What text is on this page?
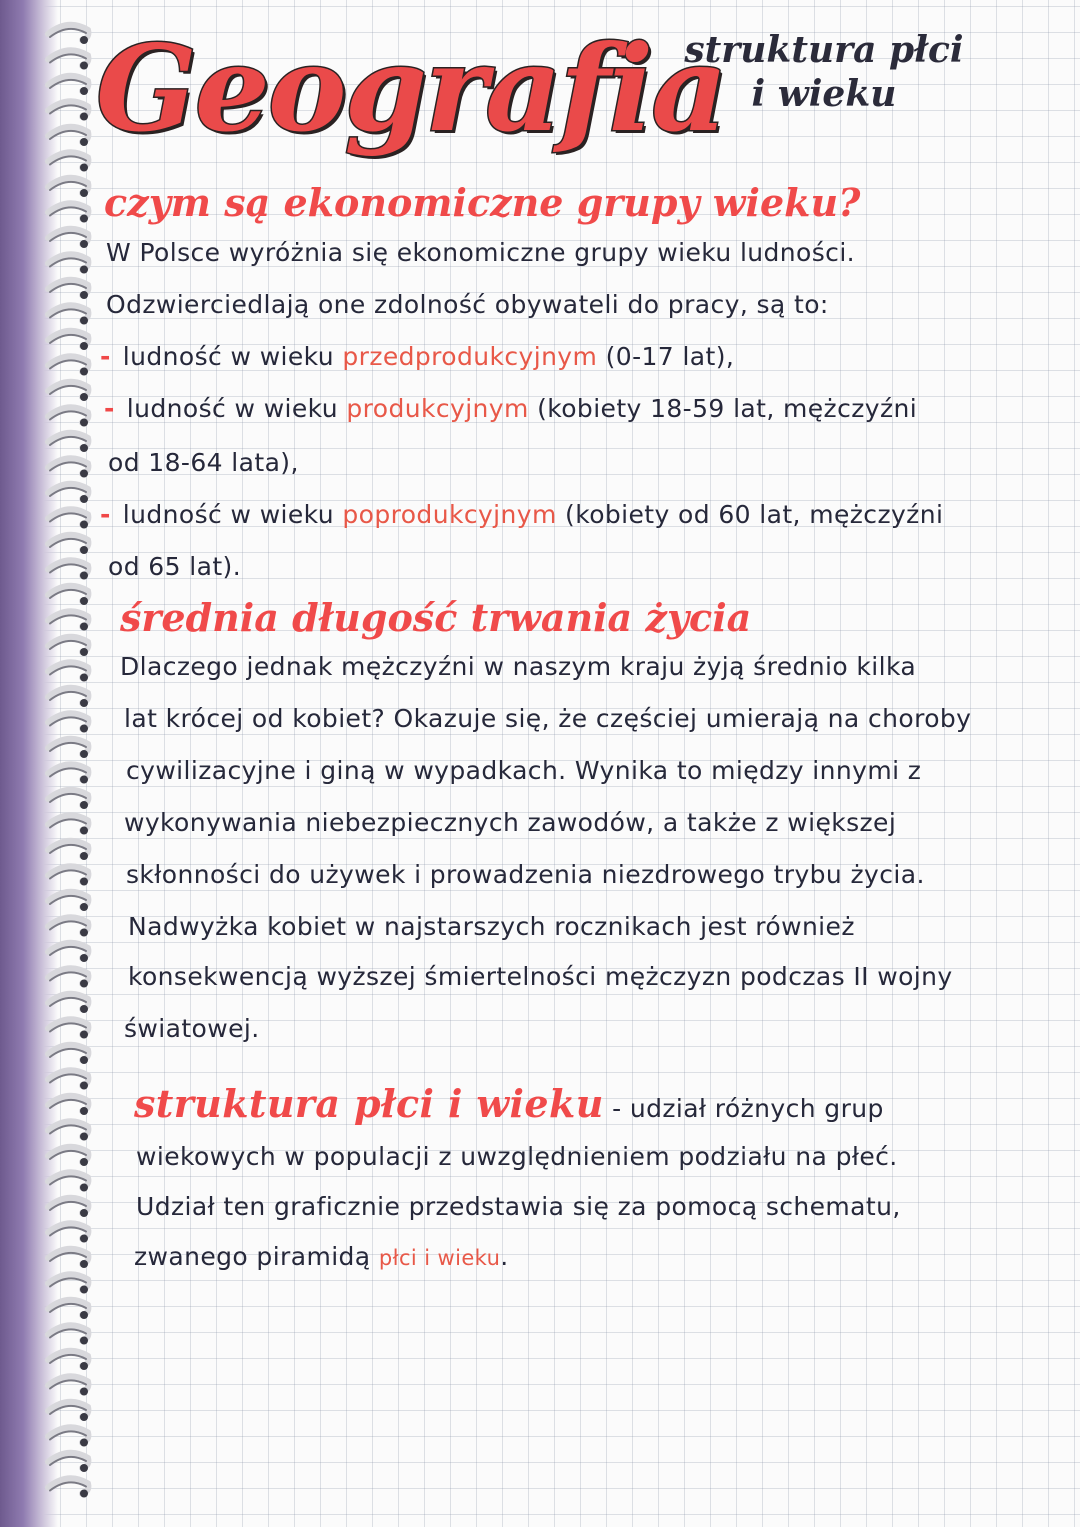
Geografia
struktura płci
i wieku
czym są ekonomiczne grupy wieku?
W Polsce wyróżnia się ekonomiczne grupy wieku ludności.
Odzwierciedlają one zdolność obywateli do pracy, są to:
- ludność w wieku przedprodukcyjnym (0-17 lat),
- ludność w wieku produkcyjnym (kobiety 18-59 lat, mężczyźni
od 18-64 lata),
- ludność w wieku poprodukcyjnym (kobiety od 60 lat, mężczyźni
od 65 lat).
średnia długość trwania życia
Dlaczego jednak mężczyźni w naszym kraju żyją średnio kilka
lat krócej od kobiet? Okazuje się, że częściej umierają na choroby
cywilizacyjne i giną w wypadkach. Wynika to między innymi z
wykonywania niebezpiecznych zawodów, a także z większej
skłonności do używek i prowadzenia niezdrowego trybu życia.
Nadwyżka kobiet w najstarszych rocznikach jest również
konsekwencją wyższej śmiertelności mężczyzn podczas II wojny
światowej.
struktura płci i wieku - udział różnych grup
wiekowych w populacji z uwzględnieniem podziału na płeć.
Udział ten graficznie przedstawia się za pomocą schematu,
zwanego piramidą płci i wieku.
